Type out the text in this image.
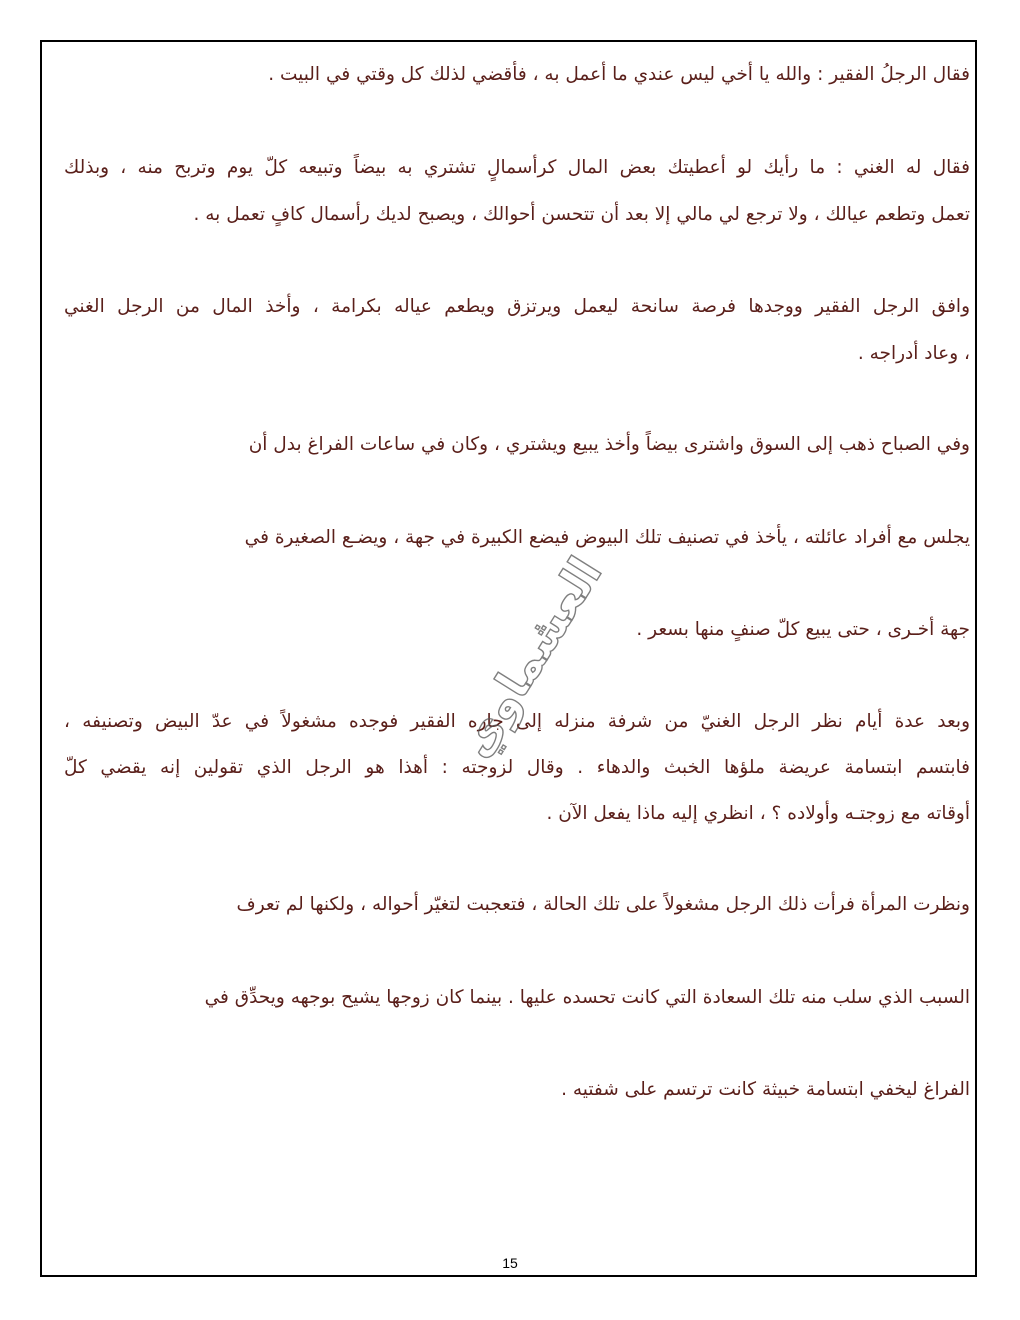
فقال الرجلُ الفقير : والله يا أخي ليس عندي ما أعمل به ، فأقضي لذلك كل وقتي في البيت .
فقال له الغني : ما رأيك لو أعطيتك بعض المال كرأسمالٍ تشتري به بيضاً وتبيعه كلّ يوم وتربح منه ، وبذلك
تعمل وتطعم عيالك ، ولا ترجع لي مالي إلا بعد أن تتحسن أحوالك ، ويصبح لديك رأسمال كافٍ تعمل به .
وافق الرجل الفقير ووجدها فرصة سانحة ليعمل ويرتزق ويطعم عياله بكرامة ، وأخذ المال من الرجل الغني
، وعاد أدراجه .
وفي الصباح ذهب إلى السوق واشترى بيضاً وأخذ يبيع ويشتري ، وكان في ساعات الفراغ بدل أن
يجلس مع أفراد عائلته ، يأخذ في تصنيف تلك البيوض فيضع الكبيرة في جهة ، ويضـع الصغيرة في
جهة أخـرى ، حتى يبيع كلّ صنفٍ منها بسعر .
وبعد عدة أيام نظر الرجل الغنيّ من شرفة منزله إلى جاره الفقير فوجده مشغولاً في عدّ البيض وتصنيفه ،
فابتسم ابتسامة عريضة ملؤها الخبث والدهاء . وقال لزوجته : أهذا هو الرجل الذي تقولين إنه يقضي كلّ
أوقاته مع زوجتـه وأولاده ؟ ، انظري إليه ماذا يفعل الآن .
ونظرت المرأة فرأت ذلك الرجل مشغولاً على تلك الحالة ، فتعجبت لتغيّر أحواله ، ولكنها لم تعرف
السبب الذي سلب منه تلك السعادة التي كانت تحسده عليها . بينما كان زوجها يشيح بوجهه ويحدِّق في
الفراغ ليخفي ابتسامة خبيثة كانت ترتسم على شفتيه .
العشماوي
15
